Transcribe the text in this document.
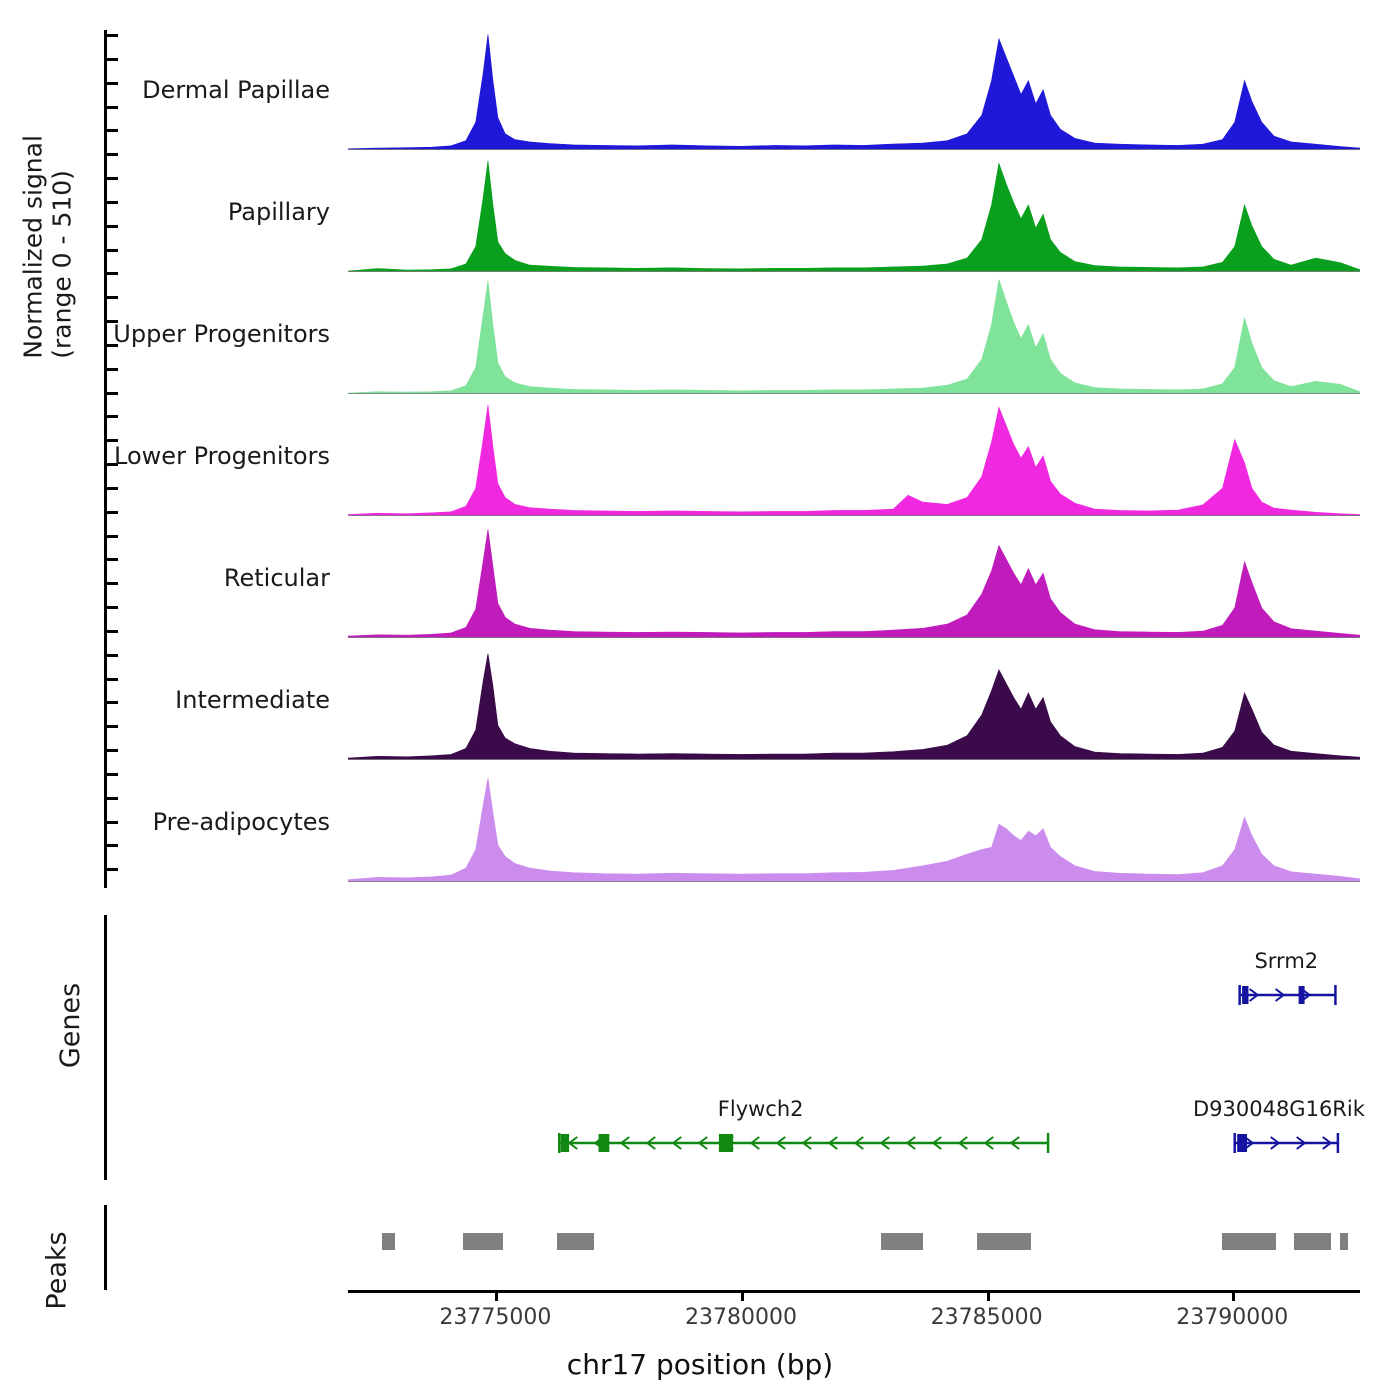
Normalized signal (range 0 - 510)
Genes
Peaks
Dermal Papillae
Papillary
Upper Progenitors
Lower Progenitors
Reticular
Intermediate
Pre-adipocytes
Srrm2
Flywch2	D930048G16Rik
23775000	23780000	23785000	23790000
chr17 position (bp)
